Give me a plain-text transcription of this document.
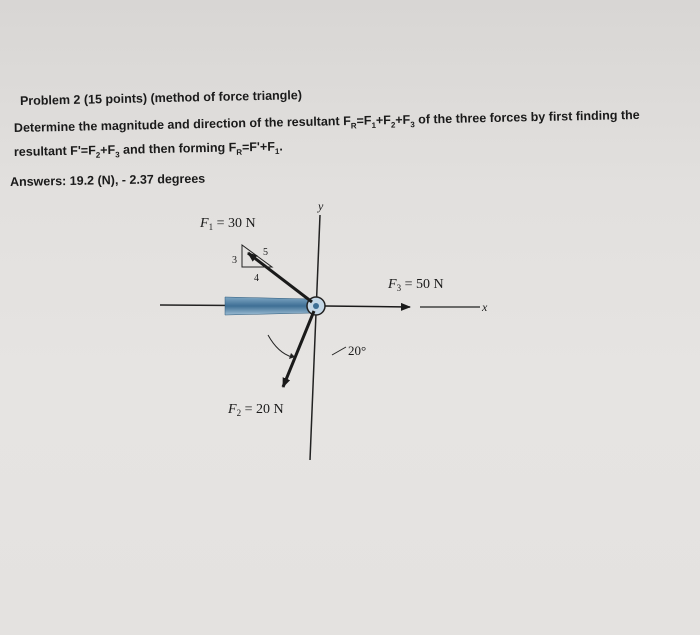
Problem 2 (15 points) (method of force triangle)
Determine the magnitude and direction of the resultant $F_R=F_1+F_2+F_3$ of the three forces by first finding the
resultant $F'=F_2+F_3$ and then forming $F_R=F'+F_1$.
Answers: 19.2 (N), - 2.37 degrees
y
3
4
5
$F_1 = 30$ N
x
$F_3 = 50$ N
20°
$F_2 = 20$ N
